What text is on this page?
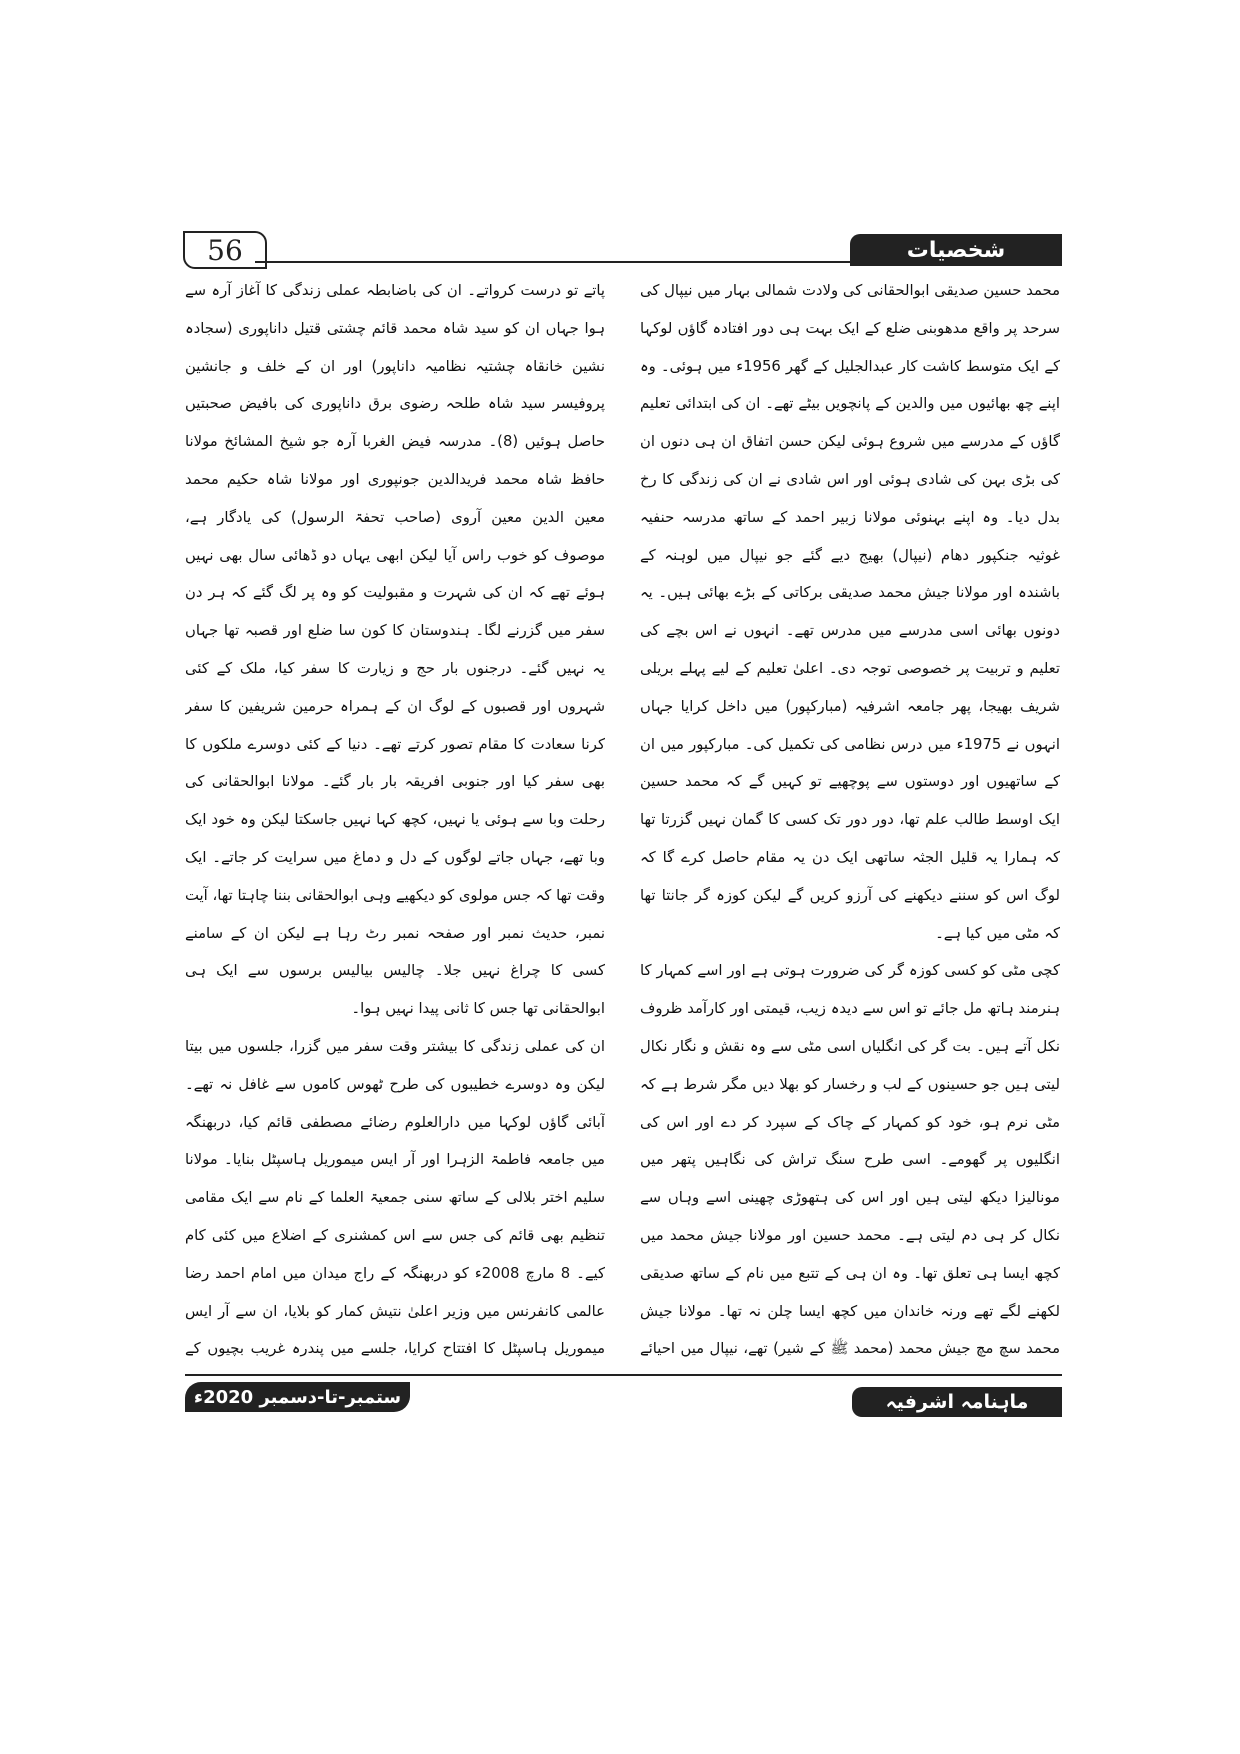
56	شخصیات

محمد حسین صدیقی ابوالحقانی کی ولادت شمالی بہار میں نیپال کی سرحد پر واقع مدھوبنی ضلع کے ایک بہت ہی دور افتادہ گاؤں لوکہا کے ایک متوسط کاشت کار عبدالجلیل کے گھر 1956ء میں ہوئی۔ وہ اپنے چھ بھائیوں میں والدین کے پانچویں بیٹے تھے۔ ان کی ابتدائی تعلیم گاؤں کے مدرسے میں شروع ہوئی لیکن حسن اتفاق ان ہی دنوں ان کی بڑی بہن کی شادی ہوئی اور اس شادی نے ان کی زندگی کا رخ بدل دیا۔ وہ اپنے بہنوئی مولانا زبیر احمد کے ساتھ مدرسہ حنفیہ غوثیہ جنکپور دھام (نیپال) بھیج دیے گئے جو نیپال میں لوہنہ کے باشندہ اور مولانا جیش محمد صدیقی برکاتی کے بڑے بھائی ہیں۔ یہ دونوں بھائی اسی مدرسے میں مدرس تھے۔ انہوں نے اس بچے کی تعلیم و تربیت پر خصوصی توجہ دی۔ اعلیٰ تعلیم کے لیے پہلے بریلی شریف بھیجا، پھر جامعہ اشرفیہ (مبارکپور) میں داخل کرایا جہاں انہوں نے 1975ء میں درس نظامی کی تکمیل کی۔ مبارکپور میں ان کے ساتھیوں اور دوستوں سے پوچھیے تو کہیں گے کہ محمد حسین ایک اوسط طالب علم تھا، دور دور تک کسی کا گمان نہیں گزرتا تھا کہ ہمارا یہ قلیل الجثہ ساتھی ایک دن یہ مقام حاصل کرے گا کہ لوگ اس کو سننے دیکھنے کی آرزو کریں گے لیکن کوزہ گر جانتا تھا کہ مٹی میں کیا ہے۔

کچی مٹی کو کسی کوزہ گر کی ضرورت ہوتی ہے اور اسے کمہار کا ہنرمند ہاتھ مل جائے تو اس سے دیدہ زیب، قیمتی اور کارآمد ظروف نکل آتے ہیں۔ بت گر کی انگلیاں اسی مٹی سے وہ نقش و نگار نکال لیتی ہیں جو حسینوں کے لب و رخسار کو بھلا دیں مگر شرط ہے کہ مٹی نرم ہو، خود کو کمہار کے چاک کے سپرد کر دے اور اس کی انگلیوں پر گھومے۔ اسی طرح سنگ تراش کی نگاہیں پتھر میں مونالیزا دیکھ لیتی ہیں اور اس کی ہتھوڑی چھینی اسے وہاں سے نکال کر ہی دم لیتی ہے۔ محمد حسین اور مولانا جیش محمد میں کچھ ایسا ہی تعلق تھا۔ وہ ان ہی کے تتبع میں نام کے ساتھ صدیقی لکھنے لگے تھے ورنہ خاندان میں کچھ ایسا چلن نہ تھا۔ مولانا جیش محمد سچ مچ جیش محمد (محمد ﷺ کے شیر) تھے، نیپال میں احیائے

پاتے تو درست کرواتے۔ ان کی باضابطہ عملی زندگی کا آغاز آرہ سے ہوا جہاں ان کو سید شاہ محمد قائم چشتی قتیل داناپوری (سجادہ نشین خانقاہ چشتیہ نظامیہ داناپور) اور ان کے خلف و جانشین پروفیسر سید شاہ طلحہ رضوی برق داناپوری کی بافیض صحبتیں حاصل ہوئیں (8)۔ مدرسہ فیض الغربا آرہ جو شیخ المشائخ مولانا حافظ شاہ محمد فریدالدین جونپوری اور مولانا شاہ حکیم محمد معین الدین معین آروی (صاحب تحفۃ الرسول) کی یادگار ہے، موصوف کو خوب راس آیا لیکن ابھی یہاں دو ڈھائی سال بھی نہیں ہوئے تھے کہ ان کی شہرت و مقبولیت کو وہ پر لگ گئے کہ ہر دن سفر میں گزرنے لگا۔ ہندوستان کا کون سا ضلع اور قصبہ تھا جہاں یہ نہیں گئے۔ درجنوں بار حج و زیارت کا سفر کیا، ملک کے کئی شہروں اور قصبوں کے لوگ ان کے ہمراہ حرمین شریفین کا سفر کرنا سعادت کا مقام تصور کرتے تھے۔ دنیا کے کئی دوسرے ملکوں کا بھی سفر کیا اور جنوبی افریقہ بار بار گئے۔ مولانا ابوالحقانی کی رحلت وبا سے ہوئی یا نہیں، کچھ کہا نہیں جاسکتا لیکن وہ خود ایک وبا تھے، جہاں جاتے لوگوں کے دل و دماغ میں سرایت کر جاتے۔ ایک وقت تھا کہ جس مولوی کو دیکھیے وہی ابوالحقانی بننا چاہتا تھا، آیت نمبر، حدیث نمبر اور صفحہ نمبر رٹ رہا ہے لیکن ان کے سامنے کسی کا چراغ نہیں جلا۔ چالیس بیالیس برسوں سے ایک ہی ابوالحقانی تھا جس کا ثانی پیدا نہیں ہوا۔

ان کی عملی زندگی کا بیشتر وقت سفر میں گزرا، جلسوں میں بیتا لیکن وہ دوسرے خطیبوں کی طرح ٹھوس کاموں سے غافل نہ تھے۔ آبائی گاؤں لوکہا میں دارالعلوم رضائے مصطفی قائم کیا، دربھنگہ میں جامعہ فاطمۃ الزہرا اور آر ایس میموریل ہاسپٹل بنایا۔ مولانا سلیم اختر بلالی کے ساتھ سنی جمعیۃ العلما کے نام سے ایک مقامی تنظیم بھی قائم کی جس سے اس کمشنری کے اضلاع میں کئی کام کیے۔ 8 مارچ 2008ء کو دربھنگہ کے راج میدان میں امام احمد رضا عالمی کانفرنس میں وزیر اعلیٰ نتیش کمار کو بلایا، ان سے آر ایس میموریل ہاسپٹل کا افتتاح کرایا، جلسے میں پندرہ غریب بچیوں کے

ستمبر-تا-دسمبر 2020ء	ماہنامہ اشرفیہ
